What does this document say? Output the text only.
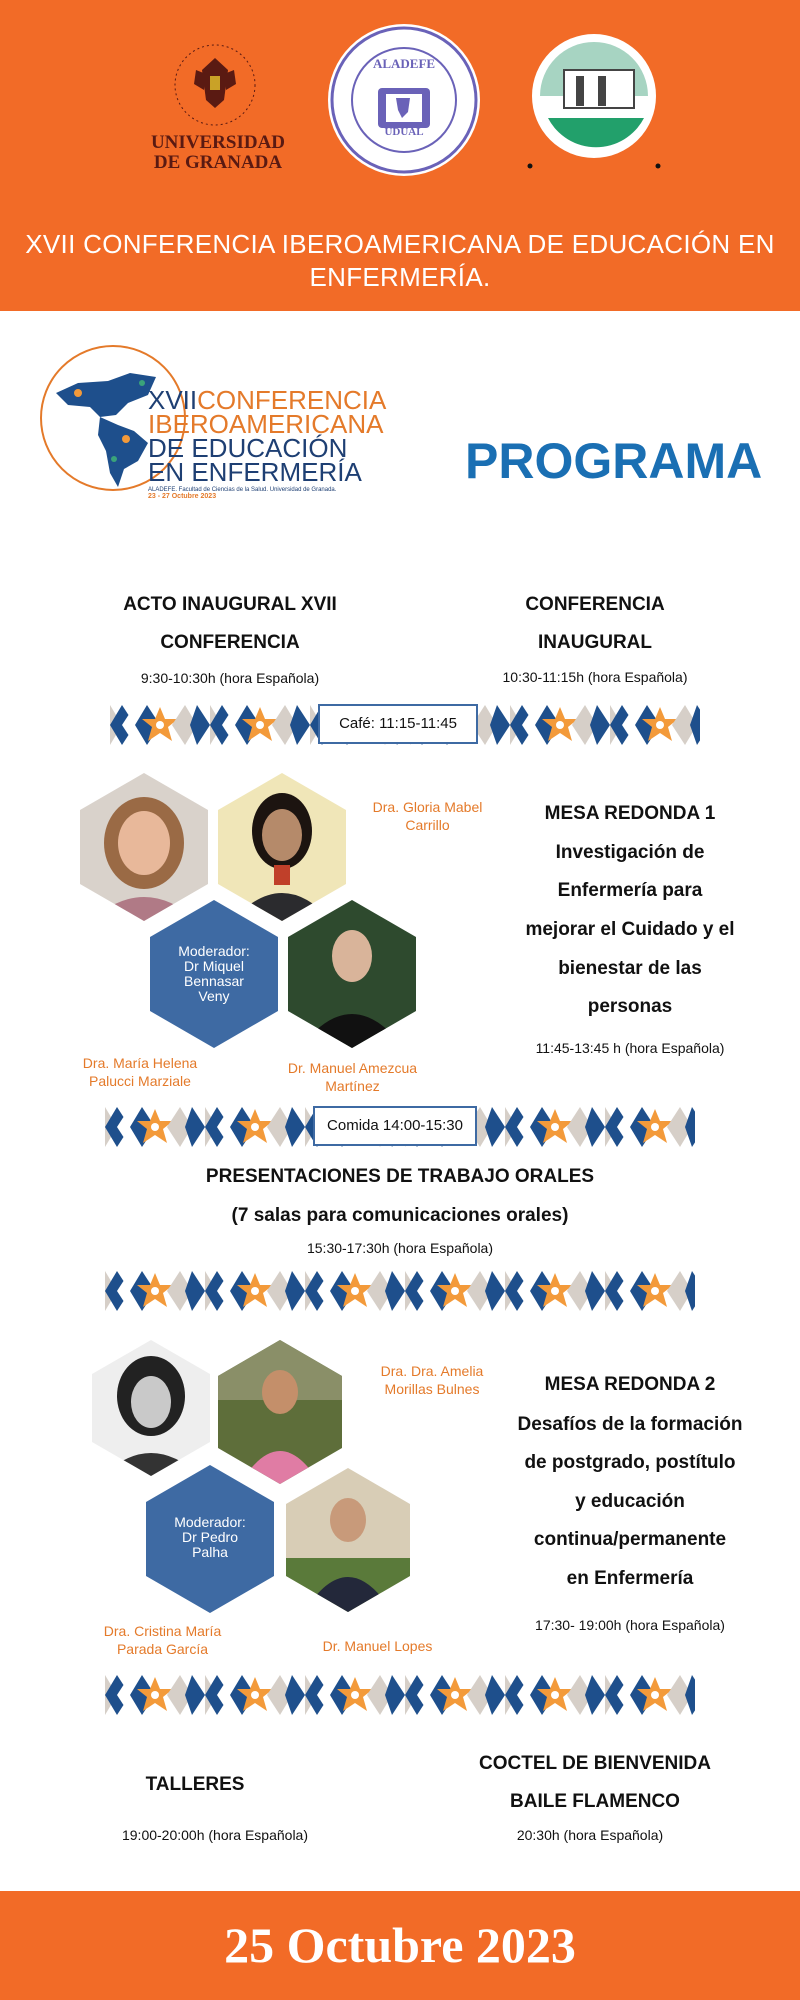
UNIVERSIDAD DE GRANADA
ALADEFE
UDUAL
XVII CONFERENCIA IBEROAMERICANA DE EDUCACIÓN EN ENFERMERÍA.
XVIICONFERENCIA
IBEROAMERICANA
DE EDUCACIÓN
EN ENFERMERÍA
ALADEFE. Facultad de Ciencias de la Salud. Universidad de Granada.
23 - 27 Octubre 2023
PROGRAMA
ACTO INAUGURAL XVII
CONFERENCIA
9:30-10:30h (hora Española)
CONFERENCIA
INAUGURAL
10:30-11:15h (hora Española)
Café: 11:15-11:45
Moderador:
Dr Miquel
Bennasar
Veny
Dra. Gloria Mabel Carrillo
Dra. María Helena Palucci Marziale
Dr. Manuel Amezcua Martínez
MESA REDONDA 1
Investigación de
Enfermería para
mejorar el Cuidado y el
bienestar de las
personas
11:45-13:45 h (hora Española)
Comida 14:00-15:30
PRESENTACIONES DE TRABAJO ORALES
(7 salas para comunicaciones orales)
15:30-17:30h (hora Española)
Moderador:
Dr Pedro
Palha
Dra. Dra. Amelia Morillas Bulnes
Dra. Cristina María Parada García	Dr. Manuel Lopes
MESA REDONDA 2
Desafíos de la formación
de postgrado, postítulo
y educación
continua/permanente
en Enfermería
17:30- 19:00h (hora Española)
TALLERES
19:00-20:00h (hora Española)
COCTEL DE BIENVENIDA
BAILE FLAMENCO
20:30h (hora Española)
25 Octubre 2023
